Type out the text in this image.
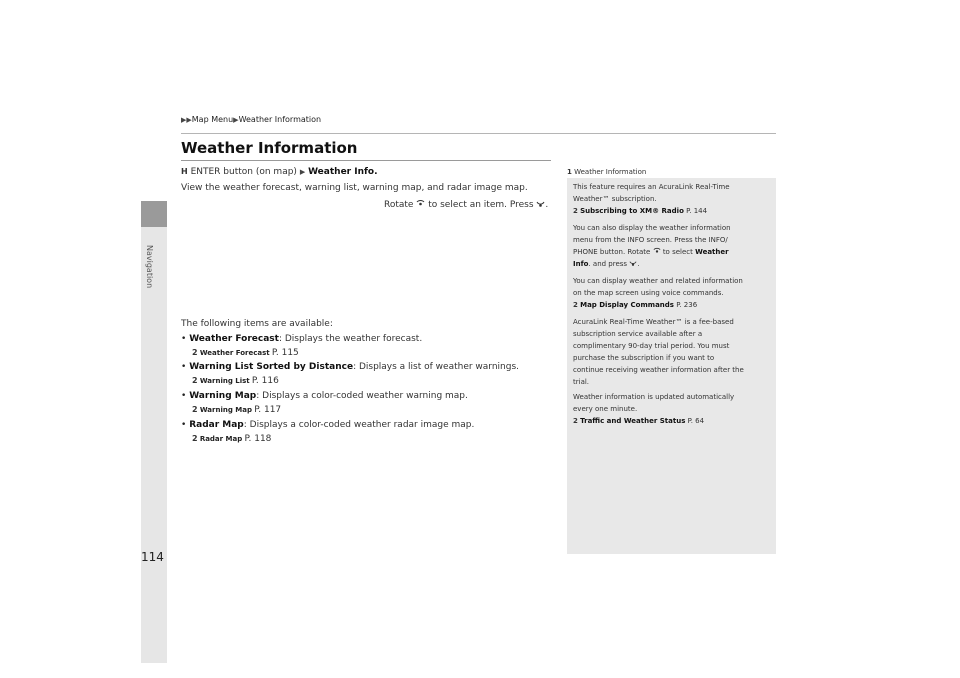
Navigation
▶▶Map Menu▶Weather Information
Weather Information
H ENTER button (on map) ▶ Weather Info.
View the weather forecast, warning list, warning map, and radar image map.
Rotate to select an item. Press .
The following items are available:
• Weather Forecast: Displays the weather forecast.
2 Weather Forecast P. 115
• Warning List Sorted by Distance: Displays a list of weather warnings.
2 Warning List P. 116
• Warning Map: Displays a color-coded weather warning map.
2 Warning Map P. 117
• Radar Map: Displays a color-coded weather radar image map.
2 Radar Map P. 118
114
1 Weather Information
This feature requires an AcuraLink Real-Time
Weather™ subscription.
2 Subscribing to XM® Radio P. 144
You can also display the weather information
menu from the INFO screen. Press the INFO/
PHONE button. Rotate to select Weather
Info. and press .
You can display weather and related information
on the map screen using voice commands.
2 Map Display Commands P. 236
AcuraLink Real-Time Weather™ is a fee-based
subscription service available after a
complimentary 90-day trial period. You must
purchase the subscription if you want to
continue receiving weather information after the
trial.
Weather information is updated automatically
every one minute.
2 Traffic and Weather Status P. 64
